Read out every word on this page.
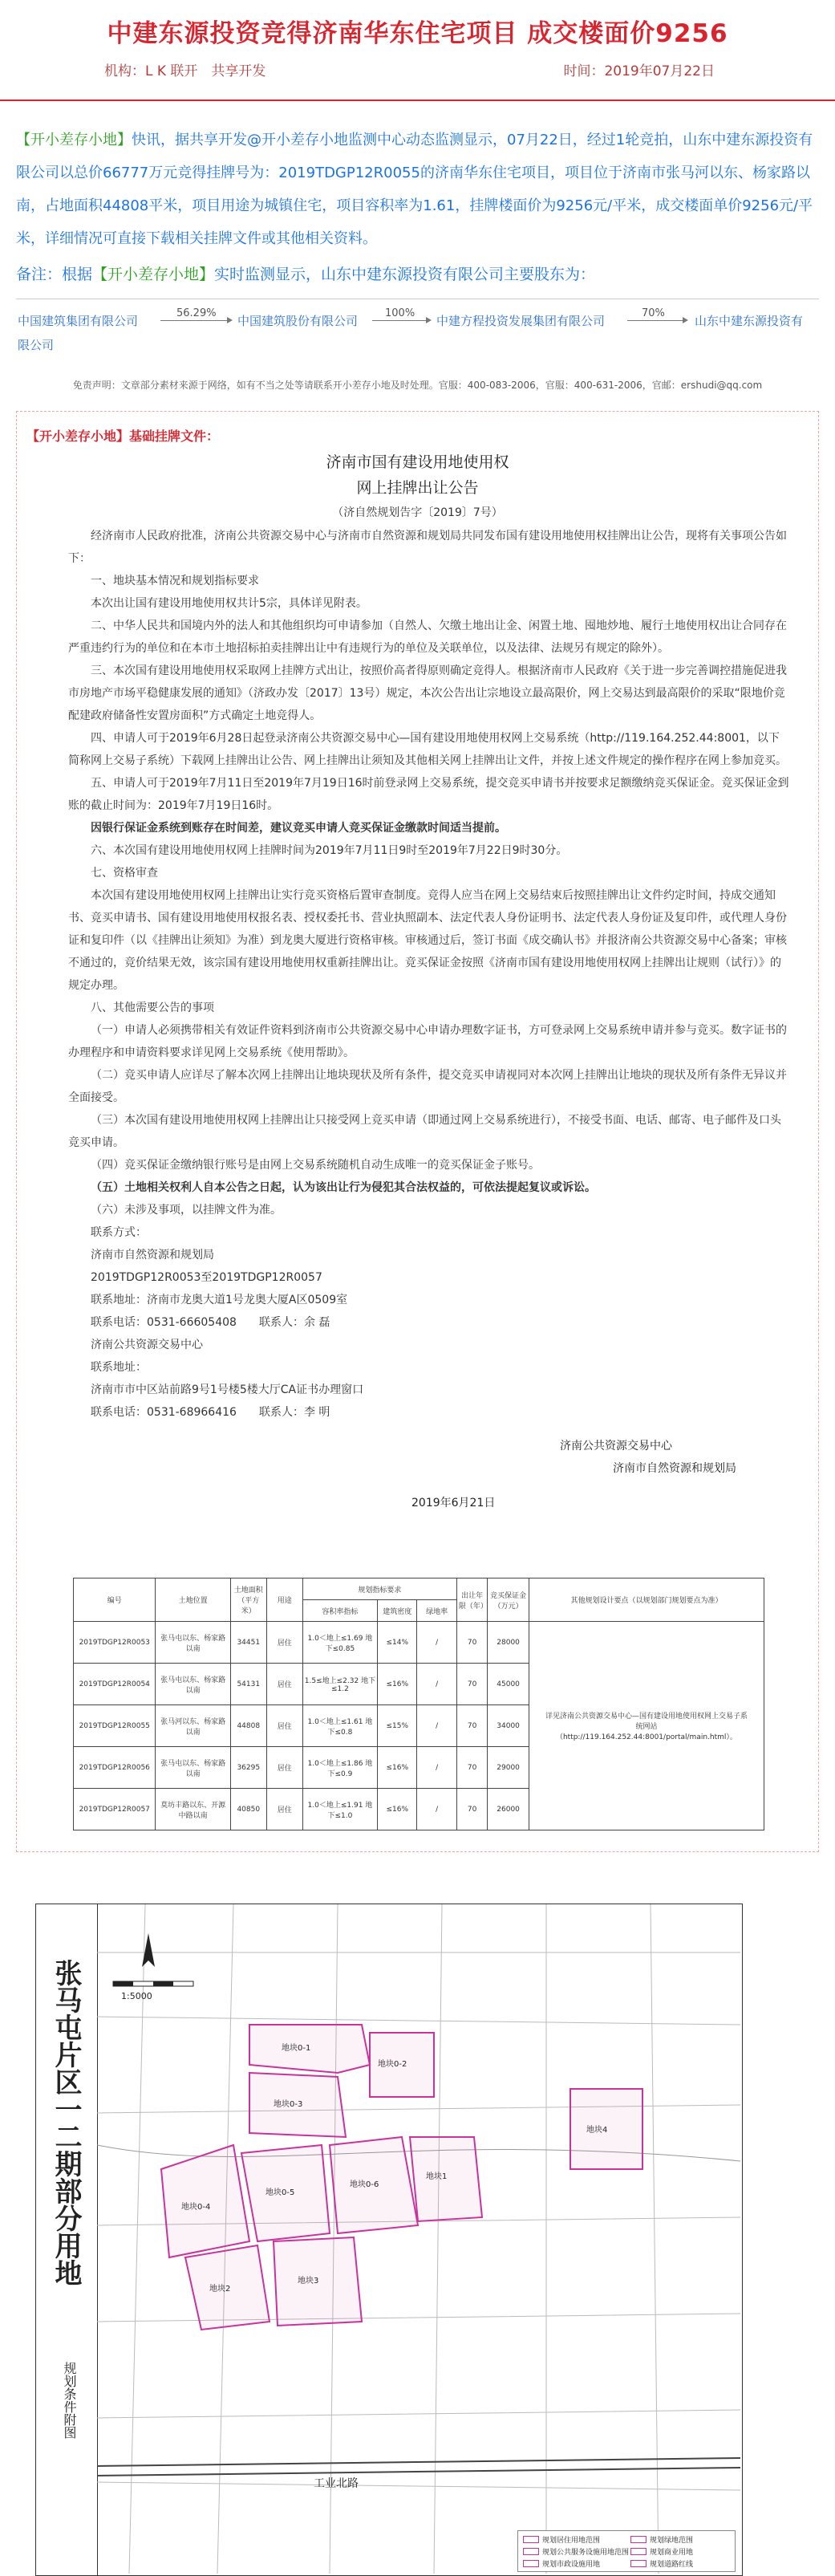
中建东源投资竞得济南华东住宅项目 成交楼面价9256
机构：L K 联开　共享开发	时间：2019年07月22日
【开小差存小地】快讯，据共享开发@开小差存小地监测中心动态监测显示，07月22日，经过1轮竞拍，山东中建东源投资有限公司以总价66777万元竞得挂牌号为：2019TDGP12R0055的济南华东住宅项目，项目位于济南市张马河以东、杨家路以南，占地面积44808平米，项目用途为城镇住宅，项目容积率为1.61，挂牌楼面价为9256元/平米，成交楼面单价9256元/平米，详细情况可直接下载相关挂牌文件或其他相关资料。
备注：根据【开小差存小地】实时监测显示，山东中建东源投资有限公司主要股东为：
中国建筑集团有限公司
56.29%
中国建筑股份有限公司
100%
中建方程投资发展集团有限公司
70%
山东中建东源投资有
限公司
免责声明：文章部分素材来源于网络，如有不当之处等请联系开小差存小地及时处理。官服：400-083-2006，官服：400-631-2006，官邮：ershudi@qq.com
【开小差存小地】基础挂牌文件：
济南市国有建设用地使用权
网上挂牌出让公告
（济自然规划告字〔2019〕7号）

经济南市人民政府批准，济南公共资源交易中心与济南市自然资源和规划局共同发布国有建设用地使用权挂牌出让公告，现将有关事项公告如下：

一、地块基本情况和规划指标要求

本次出让国有建设用地使用权共计5宗，具体详见附表。

二、中华人民共和国境内外的法人和其他组织均可申请参加（自然人、欠缴土地出让金、闲置土地、囤地炒地、履行土地使用权出让合同存在严重违约行为的单位和在本市土地招标拍卖挂牌出让中有违规行为的单位及关联单位，以及法律、法规另有规定的除外）。

三、本次国有建设用地使用权采取网上挂牌方式出让，按照价高者得原则确定竞得人。根据济南市人民政府《关于进一步完善调控措施促进我市房地产市场平稳健康发展的通知》（济政办发〔2017〕13号）规定，本次公告出让宗地设立最高限价，网上交易达到最高限价的采取“限地价竞配建政府储备性安置房面积”方式确定土地竞得人。

四、申请人可于2019年6月28日起登录济南公共资源交易中心—国有建设用地使用权网上交易系统（http://119.164.252.44:8001，以下简称网上交易子系统）下载网上挂牌出让公告、网上挂牌出让须知及其他相关网上挂牌出让文件，并按上述文件规定的操作程序在网上参加竞买。

五、申请人可于2019年7月11日至2019年7月19日16时前登录网上交易系统，提交竞买申请书并按要求足额缴纳竞买保证金。竞买保证金到账的截止时间为：2019年7月19日16时。

因银行保证金系统到账存在时间差，建议竞买申请人竞买保证金缴款时间适当提前。

六、本次国有建设用地使用权网上挂牌时间为2019年7月11日9时至2019年7月22日9时30分。

七、资格审查

本次国有建设用地使用权网上挂牌出让实行竞买资格后置审查制度。竞得人应当在网上交易结束后按照挂牌出让文件约定时间，持成交通知书、竞买申请书、国有建设用地使用权报名表、授权委托书、营业执照副本、法定代表人身份证明书、法定代表人身份证及复印件，或代理人身份证和复印件（以《挂牌出让须知》为准）到龙奥大厦进行资格审核。审核通过后，签订书面《成交确认书》并报济南公共资源交易中心备案；审核不通过的，竞价结果无效，该宗国有建设用地使用权重新挂牌出让。竞买保证金按照《济南市国有建设用地使用权网上挂牌出让规则（试行）》的规定办理。

八、其他需要公告的事项

（一）申请人必须携带相关有效证件资料到济南市公共资源交易中心申请办理数字证书，方可登录网上交易系统申请并参与竞买。数字证书的办理程序和申请资料要求详见网上交易系统《使用帮助》。

（二）竞买申请人应详尽了解本次网上挂牌出让地块现状及所有条件，提交竞买申请视同对本次网上挂牌出让地块的现状及所有条件无异议并全面接受。

（三）本次国有建设用地使用权网上挂牌出让只接受网上竞买申请（即通过网上交易系统进行），不接受书面、电话、邮寄、电子邮件及口头竞买申请。

（四）竞买保证金缴纳银行账号是由网上交易系统随机自动生成唯一的竞买保证金子账号。

（五）土地相关权利人自本公告之日起，认为该出让行为侵犯其合法权益的，可依法提起复议或诉讼。

（六）未涉及事项，以挂牌文件为准。

联系方式：

济南市自然资源和规划局

2019TDGP12R0053至2019TDGP12R0057

联系地址：济南市龙奥大道1号龙奥大厦A区0509室

联系电话：0531-66605408　　联系人：余 磊

济南公共资源交易中心

联系地址：

济南市市中区站前路9号1号楼5楼大厅CA证书办理窗口

联系电话：0531-68966416　　联系人：李 明

济南公共资源交易中心
济南市自然资源和规划局
2019年6月21日
编号	土地位置	土地面积（平方米）	用途	规划指标要求			出让年限（年）	竞买保证金（万元）	其他规划设计要点（以规划部门规划要点为准）
				容积率指标	建筑密度	绿地率			
2019TDGP12R0053	张马屯以东、杨家路以南	34451	居住	1.0＜地上≤1.69 地下≤0.85	≤14%	/	70	28000	详见济南公共资源交易中心—国有建设用地使用权网上交易子系统网站（http://119.164.252.44:8001/portal/main.html）。
2019TDGP12R0054	张马屯以东、杨家路以南	54131	居住	1.5≤地上≤2.32 地下≤1.2	≤16%	/	70	45000	
2019TDGP12R0055	张马河以东、杨家路以南	44808	居住	1.0＜地上≤1.61 地下≤0.8	≤15%	/	70	34000	
2019TDGP12R0056	张马屯以东、杨家路以南	36295	居住	1.0＜地上≤1.86 地下≤0.9	≤16%	/	70	29000	
2019TDGP12R0057	莫坊丰路以东、开源中路以南	40850	居住	1.0＜地上≤1.91 地下≤1.0	≤16%	/	70	26000	
张马屯片区一二期部分用地
规划条件附图
工业北路
1:5000
地块0-1
地块0-2
地块0-3
地块0-4
地块0-5
地块0-6
地块1
地块2
地块3
地块4
规划居住用地范围	规划绿地范围
规划公共服务设施用地范围	规划商业用地
规划市政设施用地	规划道路红线
